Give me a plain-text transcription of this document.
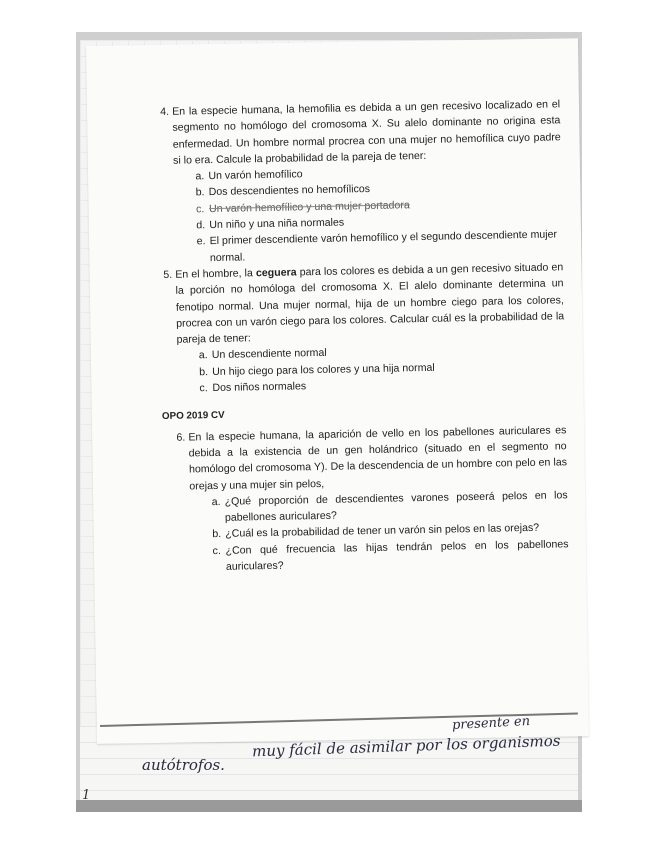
4. En la especie humana, la hemofilia es debida a un gen recesivo localizado en el segmento no homólogo del cromosoma X. Su alelo dominante no origina esta enfermedad. Un hombre normal procrea con una mujer no hemofílica cuyo padre si lo era. Calcule la probabilidad de la pareja de tener:
a. Un varón hemofílico
b. Dos descendientes no hemofílicos
c. Un varón hemofílico y una mujer portadora
d. Un niño y una niña normales
e. El primer descendiente varón hemofílico y el segundo descendiente mujer normal.
5. En el hombre, la ceguera para los colores es debida a un gen recesivo situado en la porción no homóloga del cromosoma X. El alelo dominante determina un fenotipo normal. Una mujer normal, hija de un hombre ciego para los colores, procrea con un varón ciego para los colores. Calcular cuál es la probabilidad de la pareja de tener:
a. Un descendiente normal
b. Un hijo ciego para los colores y una hija normal
c. Dos niños normales
OPO 2019 CV
6. En la especie humana, la aparición de vello en los pabellones auriculares es debida a la existencia de un gen holándrico (situado en el segmento no homólogo del cromosoma Y). De la descendencia de un hombre con pelo en las orejas y una mujer sin pelos,
a. ¿Qué proporción de descendientes varones poseerá pelos en los pabellones auriculares?
b. ¿Cuál es la probabilidad de tener un varón sin pelos en las orejas?
c. ¿Con qué frecuencia las hijas tendrán pelos en los pabellones auriculares?
presente en
muy fácil de asimilar por los organismos
autótrofos.
1
